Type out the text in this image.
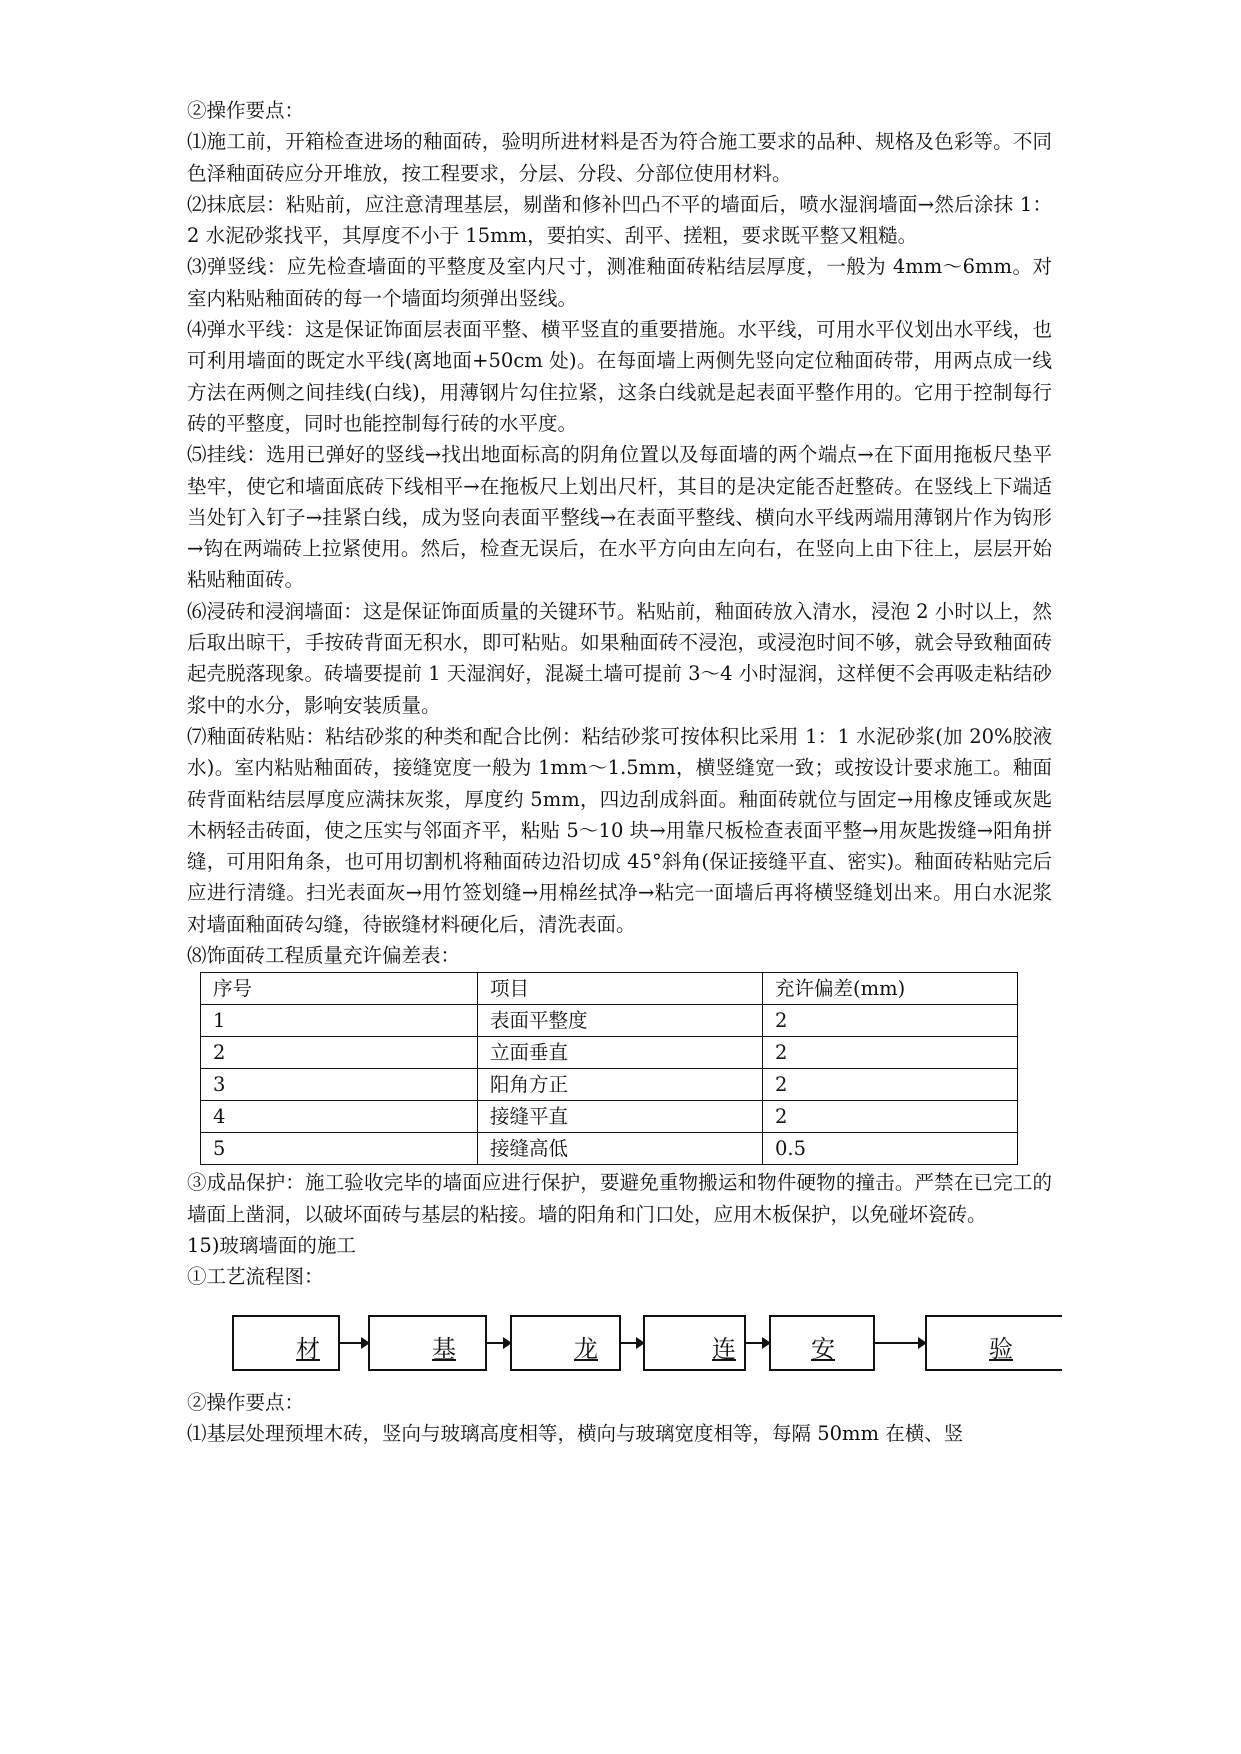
②操作要点：

⑴施工前，开箱检查进场的釉面砖，验明所进材料是否为符合施工要求的品种、规格及色彩等。不同色泽釉面砖应分开堆放，按工程要求，分层、分段、分部位使用材料。

⑵抹底层：粘贴前，应注意清理基层，剔凿和修补凹凸不平的墙面后，喷水湿润墙面→然后涂抹 1：2 水泥砂浆找平，其厚度不小于 15mm，要拍实、刮平、搓粗，要求既平整又粗糙。

⑶弹竖线：应先检查墙面的平整度及室内尺寸，测准釉面砖粘结层厚度，一般为 4mm～6mm。对室内粘贴釉面砖的每一个墙面均须弹出竖线。

⑷弹水平线：这是保证饰面层表面平整、横平竖直的重要措施。水平线，可用水平仪划出水平线，也可利用墙面的既定水平线(离地面+50cm 处)。在每面墙上两侧先竖向定位釉面砖带，用两点成一线方法在两侧之间挂线(白线)，用薄钢片勾住拉紧，这条白线就是起表面平整作用的。它用于控制每行砖的平整度，同时也能控制每行砖的水平度。

⑸挂线：选用已弹好的竖线→找出地面标高的阴角位置以及每面墙的两个端点→在下面用拖板尺垫平垫牢，使它和墙面底砖下线相平→在拖板尺上划出尺杆，其目的是决定能否赶整砖。在竖线上下端适当处钉入钉子→挂紧白线，成为竖向表面平整线→在表面平整线、横向水平线两端用薄钢片作为钩形→钩在两端砖上拉紧使用。然后，检查无误后，在水平方向由左向右，在竖向上由下往上，层层开始粘贴釉面砖。

⑹浸砖和浸润墙面：这是保证饰面质量的关键环节。粘贴前，釉面砖放入清水，浸泡 2 小时以上，然后取出晾干，手按砖背面无积水，即可粘贴。如果釉面砖不浸泡，或浸泡时间不够，就会导致釉面砖起壳脱落现象。砖墙要提前 1 天湿润好，混凝土墙可提前 3～4 小时湿润，这样便不会再吸走粘结砂浆中的水分，影响安装质量。

⑺釉面砖粘贴：粘结砂浆的种类和配合比例：粘结砂浆可按体积比采用 1：1 水泥砂浆(加 20%胶液水)。室内粘贴釉面砖，接缝宽度一般为 1mm～1.5mm，横竖缝宽一致；或按设计要求施工。釉面砖背面粘结层厚度应满抹灰浆，厚度约 5mm，四边刮成斜面。釉面砖就位与固定→用橡皮锤或灰匙木柄轻击砖面，使之压实与邻面齐平，粘贴 5～10 块→用靠尺板检查表面平整→用灰匙拨缝→阳角拼缝，可用阳角条，也可用切割机将釉面砖边沿切成 45°斜角(保证接缝平直、密实)。釉面砖粘贴完后应进行清缝。扫光表面灰→用竹签划缝→用棉丝拭净→粘完一面墙后再将横竖缝划出来。用白水泥浆对墙面釉面砖勾缝，待嵌缝材料硬化后，清洗表面。

⑻饰面砖工程质量充许偏差表：

序号	项目	充许偏差(mm)
1	表面平整度	2
2	立面垂直	2
3	阳角方正	2
4	接缝平直	2
5	接缝高低	0.5

③成品保护：施工验收完毕的墙面应进行保护，要避免重物搬运和物件硬物的撞击。严禁在已完工的墙面上凿洞，以破坏面砖与基层的粘接。墙的阳角和门口处，应用木板保护，以免碰坏瓷砖。

15)玻璃墙面的施工

①工艺流程图：

材	基	龙	连	安	验

②操作要点：

⑴基层处理预埋木砖，竖向与玻璃高度相等，横向与玻璃宽度相等，每隔 50mm 在横、竖
